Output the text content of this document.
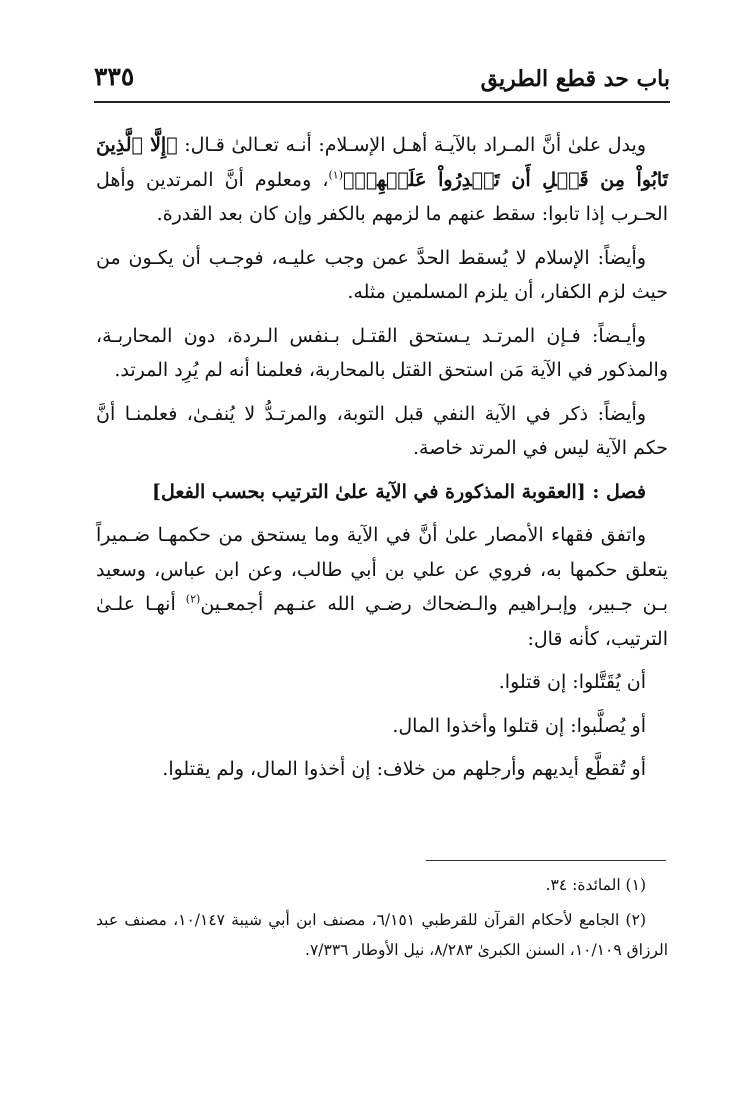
باب حد قطع الطريق
٣٣٥

ويدل علىٰ أنَّ المـراد بالآيـة أهـل الإسـلام: أنـه تعـالىٰ قـال: ﴿إِلَّا ٱلَّذِينَ تَابُواْ مِن قَبۡلِ أَن تَقۡدِرُواْ عَلَيۡهِمۡ﴾$^{(١)}$، ومعلوم أنَّ المرتدين وأهل الحـرب إذا تابوا: سقط عنهم ما لزمهم بالكفر وإن كان بعد القدرة.

وأيضاً: الإسلام لا يُسقط الحدَّ عمن وجب عليـه، فوجـب أن يكـون من حيث لزم الكفار، أن يلزم المسلمين مثله.

وأيـضاً: فـإن المرتـد يـستحق القتـل بـنفس الـردة، دون المحاربـة، والمذكور في الآية مَن استحق القتل بالمحاربة، فعلمنا أنه لم يُرِد المرتد.

وأيضاً: ذكر في الآية النفي قبل التوبة، والمرتـدُّ لا يُنفـىٰ، فعلمنـا أنَّ حكم الآية ليس في المرتد خاصة.

فصل : [العقوبة المذكورة في الآية علىٰ الترتيب بحسب الفعل]

واتفق فقهاء الأمصار علىٰ أنَّ في الآية وما يستحق من حكمهـا ضـميراً يتعلق حكمها به، فروي عن علي بن أبي طالب، وعن ابن عباس، وسعيد بـن جـبير، وإبـراهيم والـضحاك رضـي الله عنـهم أجمعـين$^{(٢)}$ أنهـا علـىٰ الترتيب، كأنه قال:

أن يُقَتَّلوا: إن قتلوا.

أو يُصلَّبوا: إن قتلوا وأخذوا المال.

أو تُقطَّع أيديهم وأرجلهم من خلاف: إن أخذوا المال، ولم يقتلوا.

(١) المائدة: ٣٤.

(٢) الجامع لأحكام القرآن للقرطبي ٦/١٥١، مصنف ابن أبي شيبة ١٠/١٤٧، مصنف عبد الرزاق ١٠/١٠٩، السنن الكبرىٰ ٨/٢٨٣، نيل الأوطار ٧/٣٣٦.
